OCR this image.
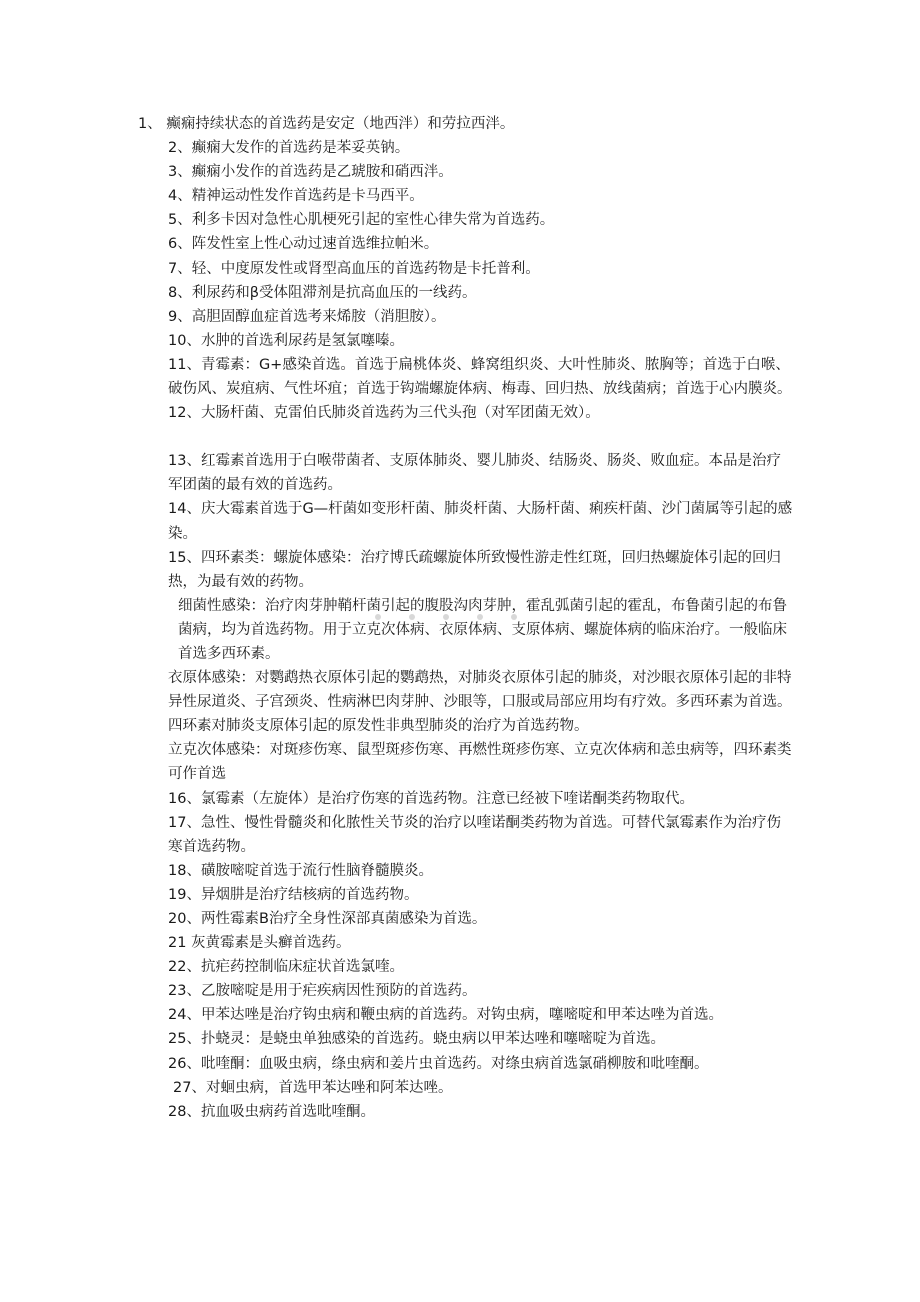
1、 癫痫持续状态的首选药是安定（地西泮）和劳拉西泮。

2、癫痫大发作的首选药是苯妥英钠。

3、癫痫小发作的首选药是乙琥胺和硝西泮。

4、精神运动性发作首选药是卡马西平。

5、利多卡因对急性心肌梗死引起的室性心律失常为首选药。

6、阵发性室上性心动过速首选维拉帕米。

7、轻、中度原发性或肾型高血压的首选药物是卡托普利。

8、利尿药和β受体阻滞剂是抗高血压的一线药。

9、高胆固醇血症首选考来烯胺（消胆胺）。

10、水肿的首选利尿药是氢氯噻嗪。

11、青霉素：G+感染首选。首选于扁桃体炎、蜂窝组织炎、大叶性肺炎、脓胸等；首选于白喉、破伤风、炭疽病、气性坏疽；首选于钩端螺旋体病、梅毒、回归热、放线菌病；首选于心内膜炎。

12、大肠杆菌、克雷伯氏肺炎首选药为三代头孢（对军团菌无效）。

13、红霉素首选用于白喉带菌者、支原体肺炎、婴儿肺炎、结肠炎、肠炎、败血症。本品是治疗军团菌的最有效的首选药。

14、庆大霉素首选于G—杆菌如变形杆菌、肺炎杆菌、大肠杆菌、痢疾杆菌、沙门菌属等引起的感染。

15、四环素类：螺旋体感染：治疗博氏疏螺旋体所致慢性游走性红斑，回归热螺旋体引起的回归热，为最有效的药物。

细菌性感染：治疗肉芽肿鞘杆菌引起的腹股沟肉芽肿，霍乱弧菌引起的霍乱，布鲁菌引起的布鲁菌病，均为首选药物。用于立克次体病、衣原体病、支原体病、螺旋体病的临床治疗。一般临床首选多西环素。

衣原体感染：对鹦鹉热衣原体引起的鹦鹉热，对肺炎衣原体引起的肺炎，对沙眼衣原体引起的非特异性尿道炎、子宫颈炎、性病淋巴肉芽肿、沙眼等，口服或局部应用均有疗效。多西环素为首选。

四环素对肺炎支原体引起的原发性非典型肺炎的治疗为首选药物。

立克次体感染：对斑疹伤寒、鼠型斑疹伤寒、再燃性斑疹伤寒、立克次体病和恙虫病等，四环素类可作首选

16、氯霉素（左旋体）是治疗伤寒的首选药物。注意已经被下喹诺酮类药物取代。

17、急性、慢性骨髓炎和化脓性关节炎的治疗以喹诺酮类药物为首选。可替代氯霉素作为治疗伤寒首选药物。

18、磺胺嘧啶首选于流行性脑脊髓膜炎。

19、异烟肼是治疗结核病的首选药物。

20、两性霉素B治疗全身性深部真菌感染为首选。

21 灰黄霉素是头癣首选药。

22、抗疟药控制临床症状首选氯喹。

23、乙胺嘧啶是用于疟疾病因性预防的首选药。

24、甲苯达唑是治疗钩虫病和鞭虫病的首选药。对钩虫病，噻嘧啶和甲苯达唑为首选。

25、扑蛲灵：是蛲虫单独感染的首选药。蛲虫病以甲苯达唑和噻嘧啶为首选。

26、吡喹酮：血吸虫病，绦虫病和姜片虫首选药。对绦虫病首选氯硝柳胺和吡喹酮。

27、对蛔虫病，首选甲苯达唑和阿苯达唑。

28、抗血吸虫病药首选吡喹酮。
